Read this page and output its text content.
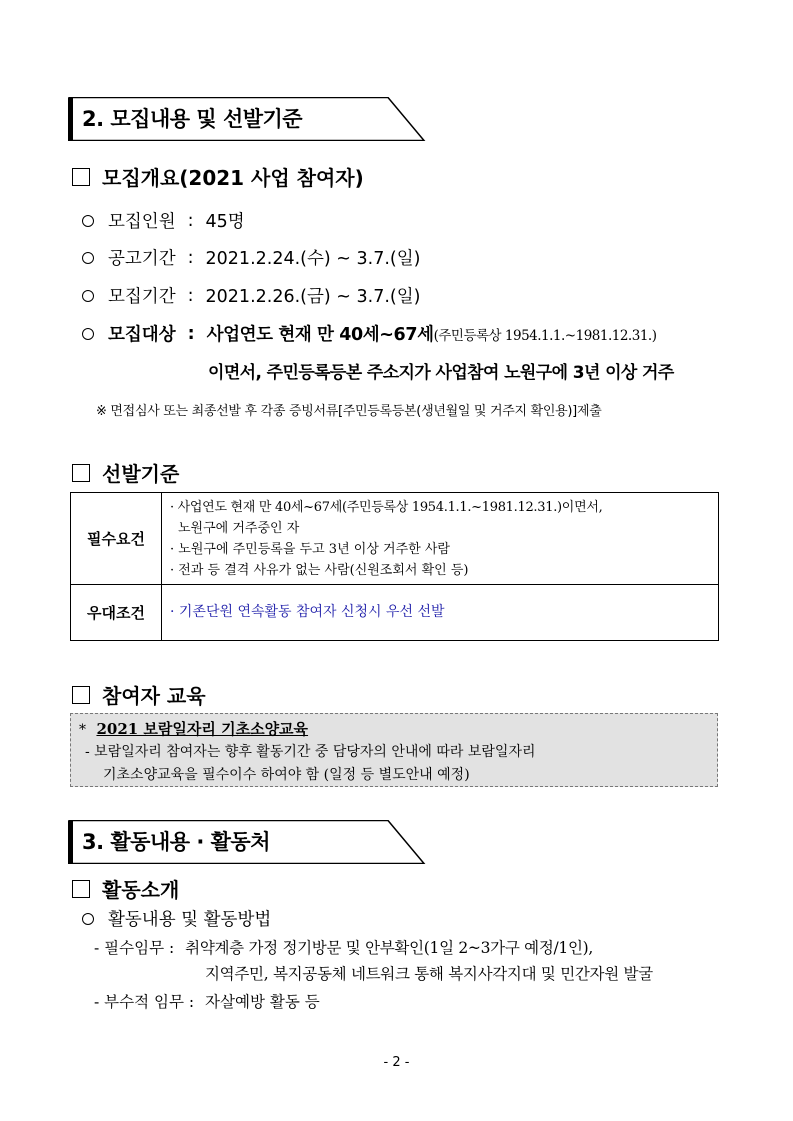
2. 모집내용 및 선발기준
모집개요(2021 사업 참여자)
모집인원 : 45명
공고기간 : 2021.2.24.(수) ~ 3.7.(일)
모집기간 : 2021.2.26.(금) ~ 3.7.(일)
모집대상 : 사업연도 현재 만 40세~67세 (주민등록상 1954.1.1.~1981.12.31.)
이면서, 주민등록등본 주소지가 사업참여 노원구에 3년 이상 거주
※ 면접심사 또는 최종선발 후 각종 증빙서류[주민등록등본(생년월일 및 거주지 확인용)]제출
선발기준
필수요건	· 사업연도 현재 만 40세~67세(주민등록상 1954.1.1.~1981.12.31.)이면서,
노원구에 거주중인 자
· 노원구에 주민등록을 두고 3년 이상 거주한 사람
· 전과 등 결격 사유가 없는 사람(신원조회서 확인 등)

우대조건	· 기존단원 연속활동 참여자 신청시 우선 선발
참여자 교육
* 2021 보람일자리 기초소양교육
- 보람일자리 참여자는 향후 활동기간 중 담당자의 안내에 따라 보람일자리
기초소양교육을 필수이수 하여야 함 (일정 등 별도안내 예정)
3. 활동내용 · 활동처
활동소개
활동내용 및 활동방법
- 필수임무 : 취약계층 가정 정기방문 및 안부확인(1일 2~3가구 예정/1인),
지역주민, 복지공동체 네트워크 통해 복지사각지대 및 민간자원 발굴
- 부수적 임무 : 자살예방 활동 등
- 2 -
